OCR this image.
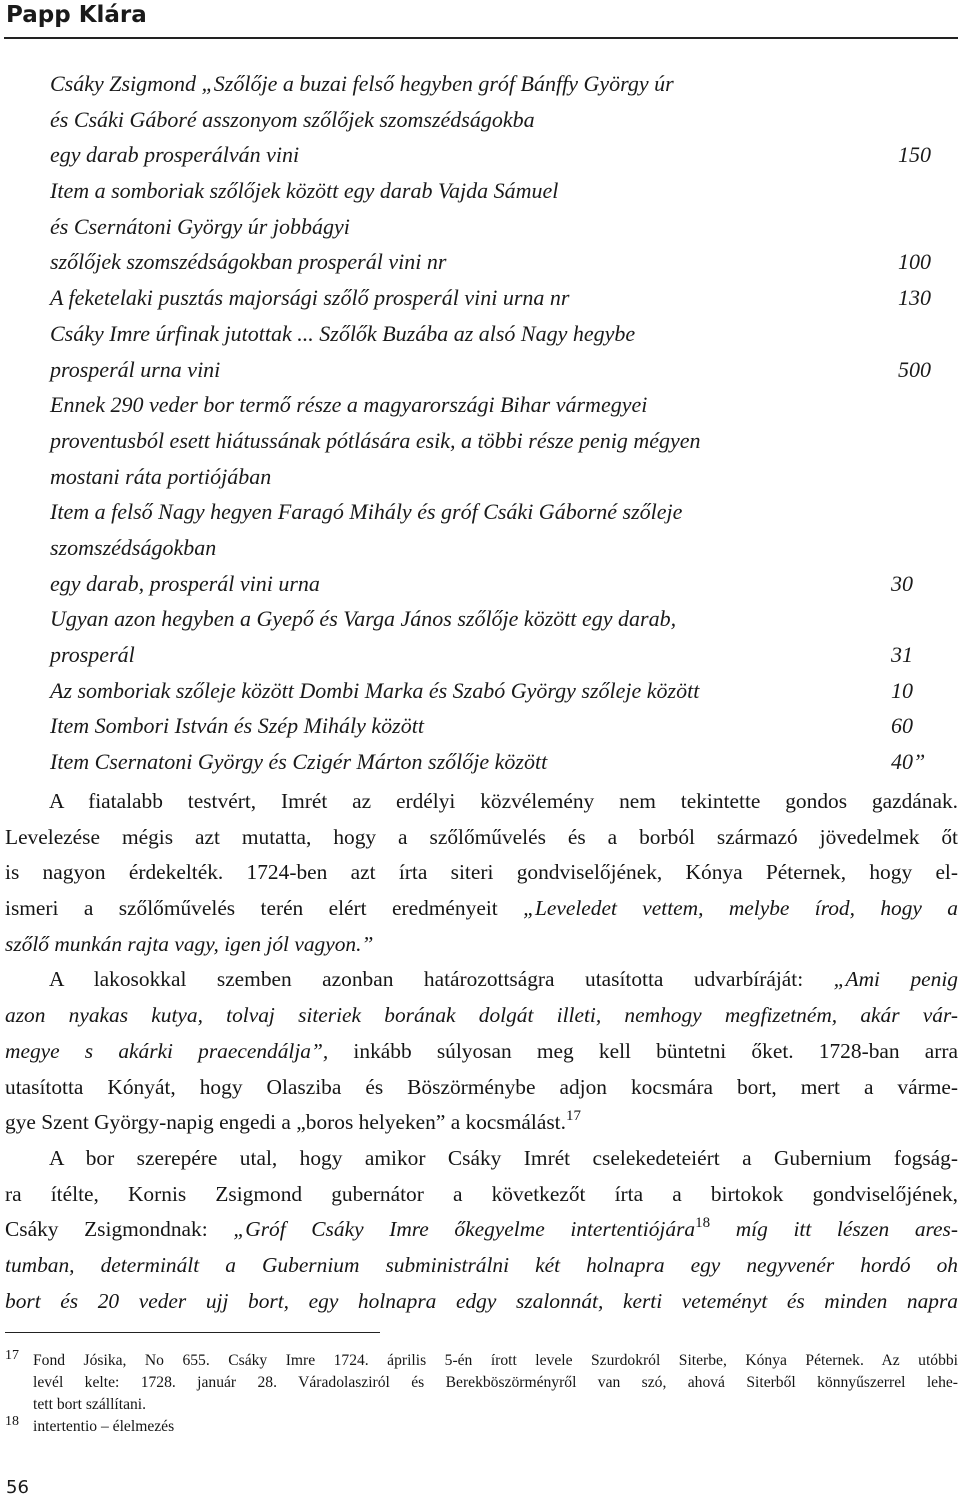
Papp Klára
Csáky Zsigmond „Szőlője a buzai felső hegyben gróf Bánffy György úr
és Csáki Gáboré asszonyom szőlőjek szomszédságokba
egy darab prosperálván vini	150
Item a somboriak szőlőjek között egy darab Vajda Sámuel
és Csernátoni György úr jobbágyi
szőlőjek szomszédságokban prosperál vini nr	100
A feketelaki pusztás majorsági szőlő prosperál vini urna nr	130
Csáky Imre úrfinak jutottak ... Szőlők Buzába az alsó Nagy hegybe
prosperál urna vini	500
Ennek 290 veder bor termő része a magyarországi Bihar vármegyei
proventusból esett hiátussának pótlására esik, a többi része penig mégyen
mostani ráta portiójában
Item a felső Nagy hegyen Faragó Mihály és gróf Csáki Gáborné szőleje
szomszédságokban
egy darab, prosperál vini urna	30
Ugyan azon hegyben a Gyepő és Varga János szőlője között egy darab,
prosperál	31
Az somboriak szőleje között Dombi Marka és Szabó György szőleje között	10
Item Sombori István és Szép Mihály között	60
Item Csernatoni György és Czigér Márton szőlője között	40”
A fiatalabb testvért, Imrét az erdélyi közvélemény nem tekintette gondos gazdának.
Levelezése mégis azt mutatta, hogy a szőlőművelés és a borból származó jövedelmek őt
is nagyon érdekelték. 1724-ben azt írta siteri gondviselőjének, Kónya Péternek, hogy el-
ismeri a szőlőművelés terén elért eredményeit „Leveledet vettem, melybe írod, hogy a
szőlő munkán rajta vagy, igen jól vagyon.”
A lakosokkal szemben azonban határozottságra utasította udvarbíráját: „Ami penig
azon nyakas kutya, tolvaj siteriek borának dolgát illeti, nemhogy megfizetném, akár vár-
megye s akárki praecendálja”, inkább súlyosan meg kell büntetni őket. 1728-ban arra
utasította Kónyát, hogy Olasziba és Böszörménybe adjon kocsmára bort, mert a várme-
gye Szent György-napig engedi a „boros helyeken” a kocsmálást.$^{17}$
A bor szerepére utal, hogy amikor Csáky Imrét cselekedeteiért a Gubernium fogság-
ra ítélte, Kornis Zsigmond gubernátor a következőt írta a birtokok gondviselőjének,
Csáky Zsigmondnak: „Gróf Csáky Imre őkegyelme intertentiójára$^{18}$ míg itt lészen ares-
tumban, determinált a Gubernium subministrálni két holnapra egy negyvenér hordó oh
bort és 20 veder ujj bort, egy holnapra edgy szalonnát, kerti veteményt és minden napra
17 Fond Jósika, No 655. Csáky Imre 1724. április 5-én írott levele Szurdokról Siterbe, Kónya Péternek. Az utóbbi
levél kelte: 1728. január 28. Váradolasziról és Berekböszörményről van szó, ahová Siterből könnyűszerrel lehe-
tett bort szállítani.
18 intertentio – élelmezés
56
